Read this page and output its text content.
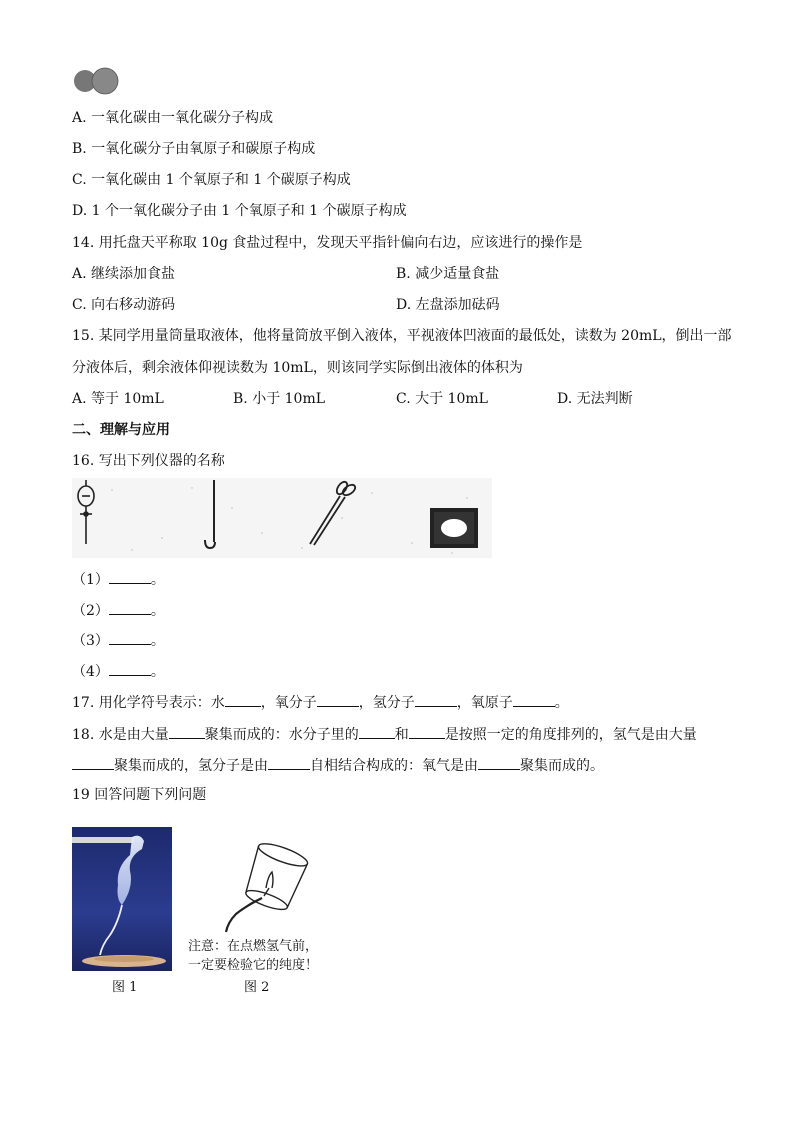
A. 一氧化碳由一氧化碳分子构成
B. 一氧化碳分子由氧原子和碳原子构成
C. 一氧化碳由 1 个氧原子和 1 个碳原子构成
D. 1 个一氧化碳分子由 1 个氧原子和 1 个碳原子构成
14. 用托盘天平称取 10g 食盐过程中，发现天平指针偏向右边，应该进行的操作是
A. 继续添加食盐	B. 减少适量食盐
C. 向右移动游码	D. 左盘添加砝码
15. 某同学用量筒量取液体，他将量筒放平倒入液体，平视液体凹液面的最低处，读数为 20mL，倒出一部
分液体后，剩余液体仰视读数为 10mL，则该同学实际倒出液体的体积为
A. 等于 10mL	B. 小于 10mL	C. 大于 10mL	D. 无法判断
二、理解与应用
16. 写出下列仪器的名称
（1）	。
（2）	。
（3）	。
（4）	。
17. 用化学符号表示：水	，氧分子	，氢分子	，氧原子	。
18. 水是由大量	聚集而成的：水分子里的	和	是按照一定的角度排列的，氢气是由大量
聚集而成的，氢分子是由	自相结合构成的：氧气是由	聚集而成的。
19 回答问题下列问题
图 1
注意：在点燃氢气前，
一定要检验它的纯度！
图 2
